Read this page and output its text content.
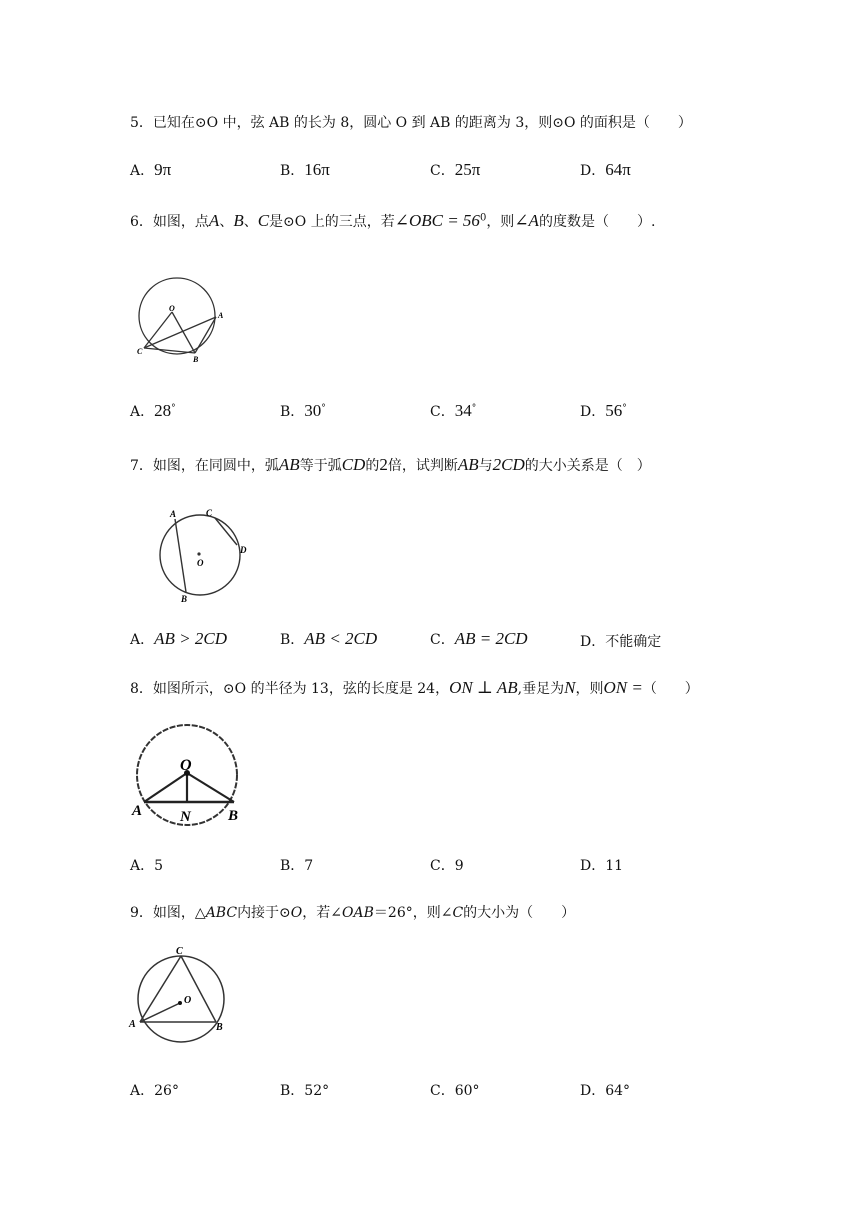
5．已知在⊙O 中，弦 AB 的长为 8，圆心 O 到 AB 的距离为 3，则⊙O 的面积是（　　）
A．9π	B．16π	C．25π	D．64π
6．如图，点A、B、C是⊙O 上的三点，若∠OBC = $56^0$，则∠A的度数是（　　）.
O
A
B
C
A．28°	B．30°	C．34°	D．56°
7．如图，在同圆中，弧AB等于弧CD的2倍，试判断AB与2CD的大小关系是（　）
A
B
C
D
O
A．AB > 2CD	B．AB < 2CD	C．AB = 2CD	D．不能确定
8．如图所示，⊙O 的半径为 13，弦的长度是 24，ON ⊥ AB,垂足为N，则ON =（　　）
O
A	N B
A．5	B．7	C．9	D．11
9．如图，△ABC内接于⊙O，若∠OAB＝26°，则∠C的大小为（　　）
C
O
A	B
A．26°	B．52°	C．60°	D．64°
